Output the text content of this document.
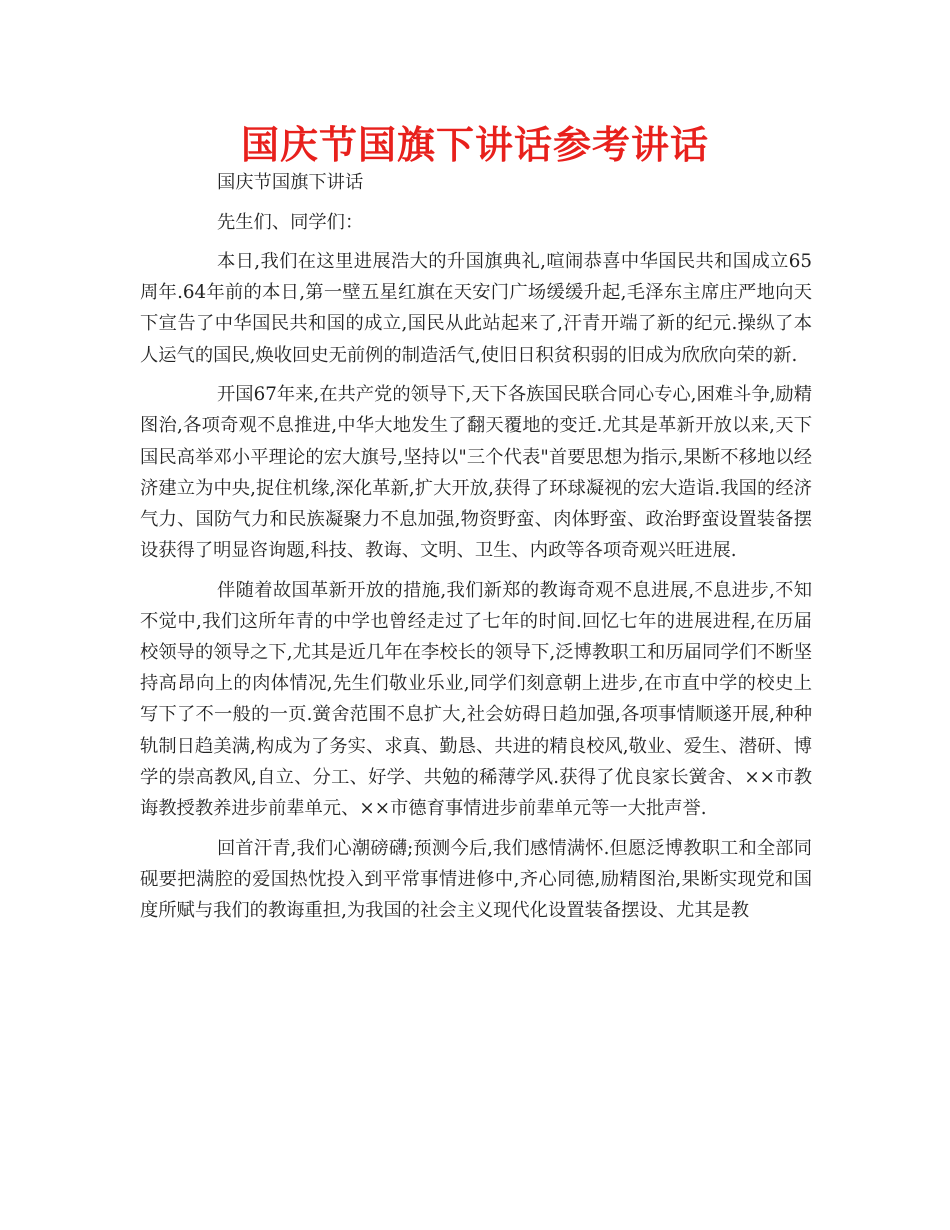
国庆节国旗下讲话参考讲话

国庆节国旗下讲话

先生们、同学们：

本日,我们在这里进展浩大的升国旗典礼,喧闹恭喜中华国民共和国成立65周年.64年前的本日,第一壁五星红旗在天安门广场缓缓升起,毛泽东主席庄严地向天下宣告了中华国民共和国的成立,国民从此站起来了,汗青开端了新的纪元.操纵了本人运气的国民,焕收回史无前例的制造活气,使旧日积贫积弱的旧成为欣欣向荣的新.

开国67年来,在共产党的领导下,天下各族国民联合同心专心,困难斗争,励精图治,各项奇观不息推进,中华大地发生了翻天覆地的变迁.尤其是革新开放以来,天下国民高举邓小平理论的宏大旗号,坚持以"三个代表"首要思想为指示,果断不移地以经济建立为中央,捉住机缘,深化革新,扩大开放,获得了环球凝视的宏大造诣.我国的经济气力、国防气力和民族凝聚力不息加强,物资野蛮、肉体野蛮、政治野蛮设置装备摆设获得了明显咨询题,科技、教诲、文明、卫生、内政等各项奇观兴旺进展.

伴随着故国革新开放的措施,我们新郑的教诲奇观不息进展,不息进步,不知不觉中,我们这所年青的中学也曾经走过了七年的时间.回忆七年的进展进程,在历届校领导的领导之下,尤其是近几年在李校长的领导下,泛博教职工和历届同学们不断坚持高昂向上的肉体情况,先生们敬业乐业,同学们刻意朝上进步,在市直中学的校史上写下了不一般的一页.黉舍范围不息扩大,社会妨碍日趋加强,各项事情顺遂开展,种种轨制日趋美满,构成为了务实、求真、勤恳、共进的精良校风,敬业、爱生、潜研、博学的崇高教风,自立、分工、好学、共勉的稀薄学风.获得了优良家长黉舍、××市教诲教授教养进步前辈单元、××市德育事情进步前辈单元等一大批声誉.

回首汗青,我们心潮磅礴;预测今后,我们感情满怀.但愿泛博教职工和全部同砚要把满腔的爱国热忱投入到平常事情进修中,齐心同德,励精图治,果断实现党和国度所赋与我们的教诲重担,为我国的社会主义现代化设置装备摆设、尤其是教
